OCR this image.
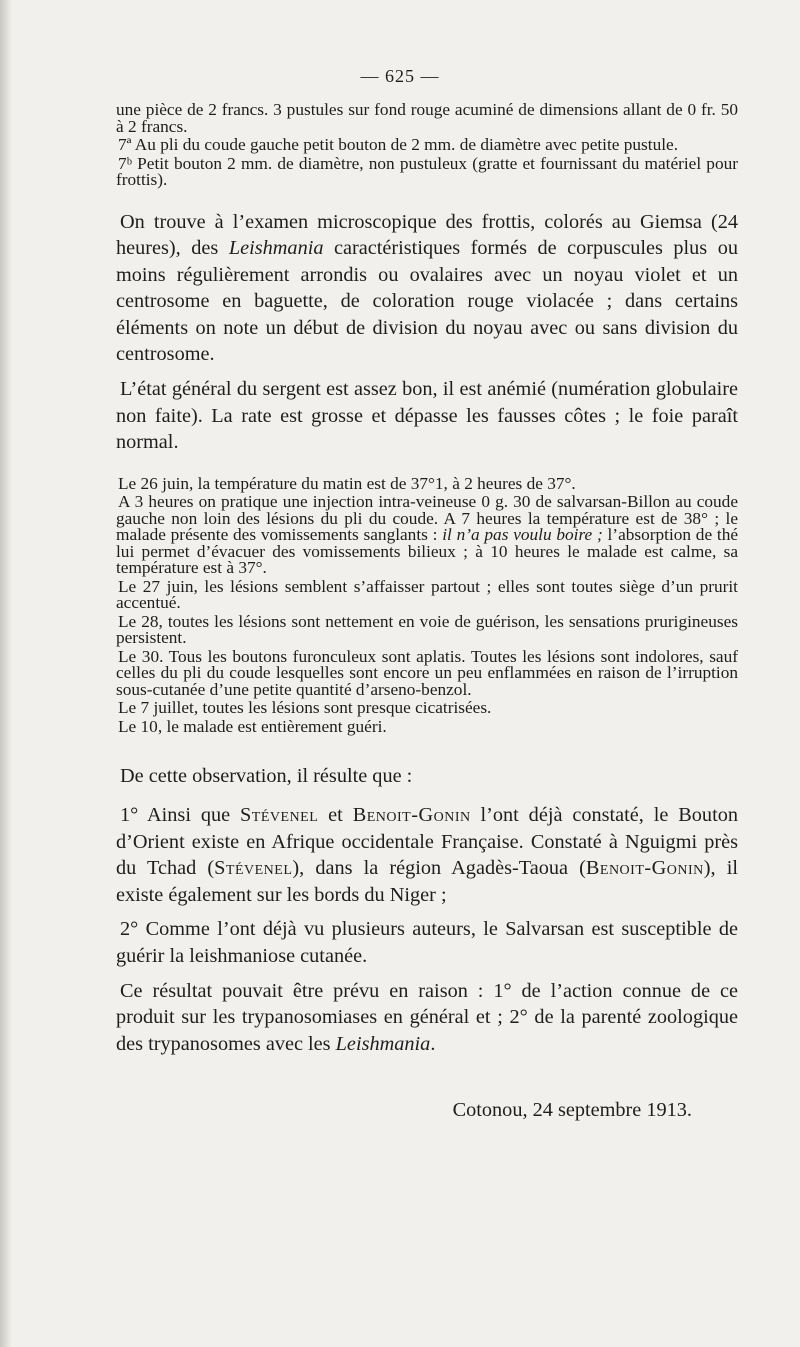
— 625 —

une pièce de 2 francs. 3 pustules sur fond rouge acuminé de dimensions allant de 0 fr. 50 à 2 francs.

7ª Au pli du coude gauche petit bouton de 2 mm. de diamètre avec petite pustule.

7ᵇ Petit bouton 2 mm. de diamètre, non pustuleux (gratte et fournissant du matériel pour frottis).

On trouve à l’examen microscopique des frottis, colorés au Giemsa (24 heures), des Leishmania caractéristiques formés de corpuscules plus ou moins régulièrement arrondis ou ovalaires avec un noyau violet et un centrosome en baguette, de coloration rouge violacée ; dans certains éléments on note un début de division du noyau avec ou sans division du centrosome.

L’état général du sergent est assez bon, il est anémié (numération globulaire non faite). La rate est grosse et dépasse les fausses côtes ; le foie paraît normal.

Le 26 juin, la température du matin est de 37°1, à 2 heures de 37°.

A 3 heures on pratique une injection intra-veineuse 0 g. 30 de salvarsan-Billon au coude gauche non loin des lésions du pli du coude. A 7 heures la température est de 38° ; le malade présente des vomissements sanglants : il n’a pas voulu boire ; l’absorption de thé lui permet d’évacuer des vomissements bilieux ; à 10 heures le malade est calme, sa température est à 37°.

Le 27 juin, les lésions semblent s’affaisser partout ; elles sont toutes siège d’un prurit accentué.

Le 28, toutes les lésions sont nettement en voie de guérison, les sensations prurigineuses persistent.

Le 30. Tous les boutons furonculeux sont aplatis. Toutes les lésions sont indolores, sauf celles du pli du coude lesquelles sont encore un peu enflammées en raison de l’irruption sous-cutanée d’une petite quantité d’arseno-benzol.

Le 7 juillet, toutes les lésions sont presque cicatrisées.

Le 10, le malade est entièrement guéri.

De cette observation, il résulte que :

1° Ainsi que Stévenel et Benoit-Gonin l’ont déjà constaté, le Bouton d’Orient existe en Afrique occidentale Française. Constaté à Nguigmi près du Tchad (Stévenel), dans la région Agadès-Taoua (Benoit-Gonin), il existe également sur les bords du Niger ;

2° Comme l’ont déjà vu plusieurs auteurs, le Salvarsan est susceptible de guérir la leishmaniose cutanée.

Ce résultat pouvait être prévu en raison : 1° de l’action connue de ce produit sur les trypanosomiases en général et ; 2° de la parenté zoologique des trypanosomes avec les Leishmania.

Cotonou, 24 septembre 1913.
